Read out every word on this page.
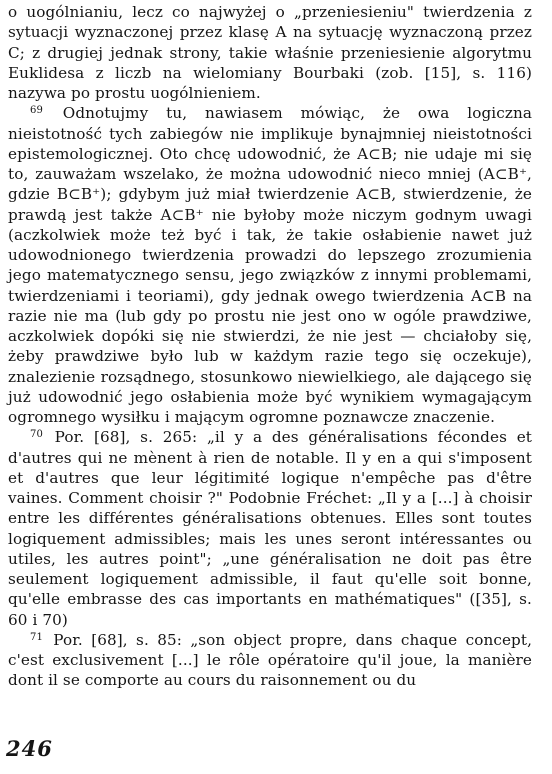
o uogólnianiu, lecz co najwyżej o „przeniesieniu" twierdzenia z sytuacji wyznaczonej przez klasę A na sytuację wyznaczoną przez C; z drugiej jednak strony, takie właśnie przeniesienie algorytmu Euklidesa z liczb na wielomiany Bourbaki (zob. [15], s. 116) nazywa po prostu uogólnieniem.

$^{69}$ Odnotujmy tu, nawiasem mówiąc, że owa logiczna nieistotność tych zabiegów nie implikuje bynajmniej nieistotności epistemologicznej. Oto chcę udowodnić, że A⊂B; nie udaje mi się to, zauważam wszelako, że można udowodnić nieco mniej (A⊂B⁺, gdzie B⊂B⁺); gdybym już miał twierdzenie A⊂B, stwierdzenie, że prawdą jest także A⊂B⁺ nie byłoby może niczym godnym uwagi (aczkolwiek może też być i tak, że takie osłabienie nawet już udowodnionego twierdzenia prowadzi do lepszego zrozumienia jego matematycznego sensu, jego związków z innymi problemami, twierdzeniami i teoriami), gdy jednak owego twierdzenia A⊂B na razie nie ma (lub gdy po prostu nie jest ono w ogóle prawdziwe, aczkolwiek dopóki się nie stwierdzi, że nie jest — chciałoby się, żeby prawdziwe było lub w każdym razie tego się oczekuje), znalezienie rozsądnego, stosunkowo niewielkiego, ale dającego się już udowodnić jego osłabienia może być wynikiem wymagającym ogromnego wysiłku i mającym ogromne poznawcze znaczenie.

$^{70}$ Por. [68], s. 265: „il y a des généralisations fécondes et d'autres qui ne mènent à rien de notable. Il y en a qui s'imposent et d'autres que leur légitimité logique n'empêche pas d'être vaines. Comment choisir ?" Podobnie Fréchet: „Il y a [...] à choisir entre les différentes généralisations obtenues. Elles sont toutes logiquement admissibles; mais les unes seront intéressantes ou utiles, les autres point"; „une généralisation ne doit pas être seulement logiquement admissible, il faut qu'elle soit bonne, qu'elle embrasse des cas importants en mathématiques" ([35], s. 60 i 70)

$^{71}$ Por. [68], s. 85: „son object propre, dans chaque concept, c'est exclusivement [...] le rôle opératoire qu'il joue, la manière dont il se comporte au cours du raisonnement ou du

246
